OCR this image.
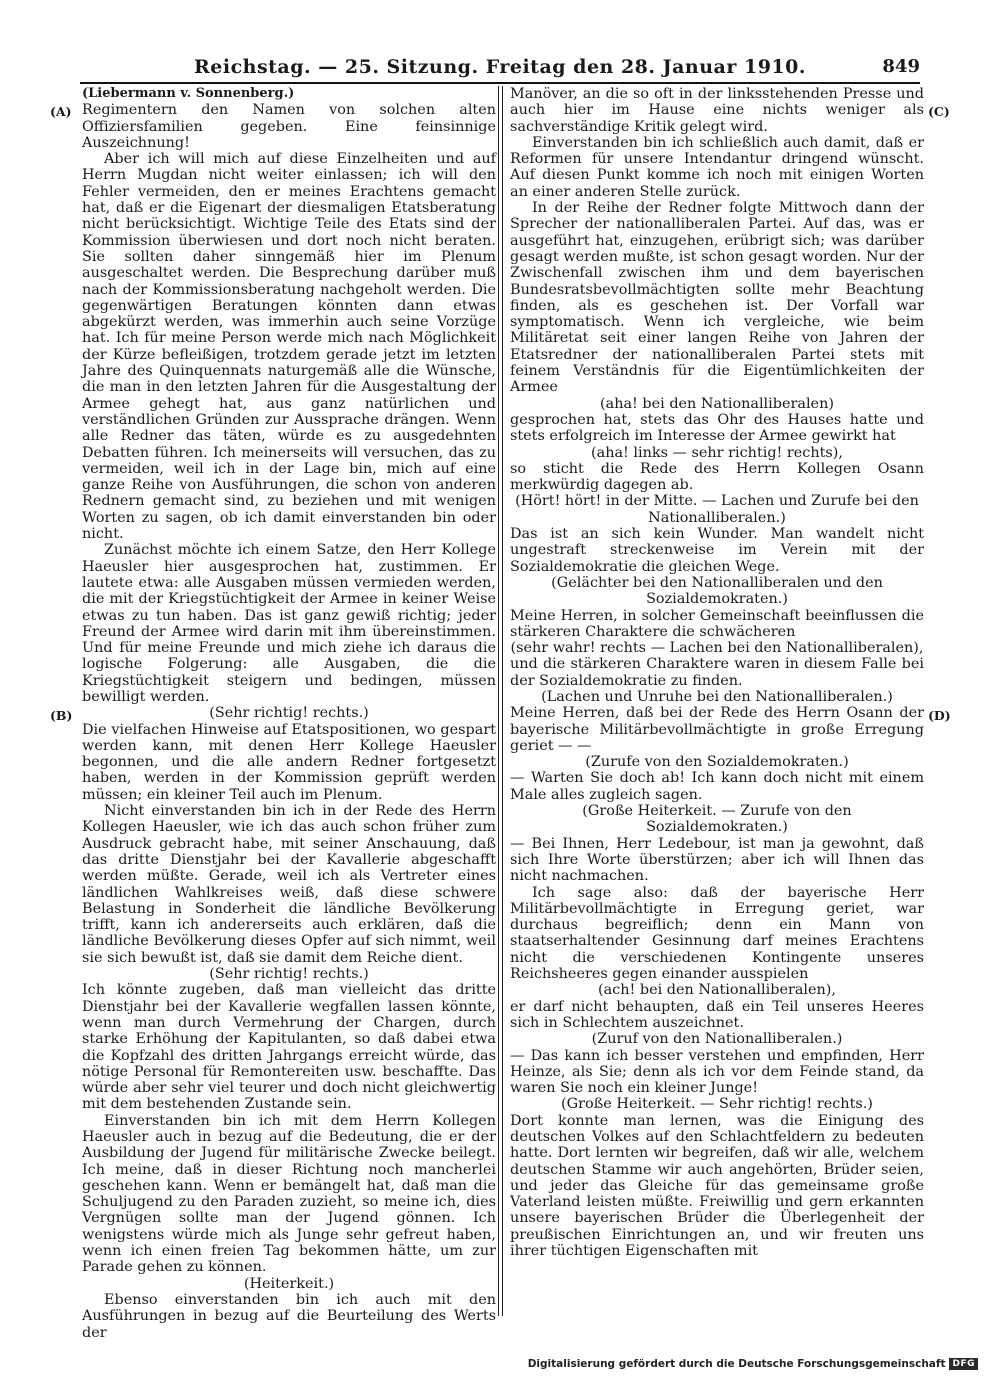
Reichstag. — 25. Sitzung. Freitag den 28. Januar 1910.	849
(A)
(B)
(C)
(D)

(Liebermann v. Sonnenberg.)

Regimentern den Namen von solchen alten Offiziersfamilien gegeben. Eine feinsinnige Auszeichnung!

Aber ich will mich auf diese Einzelheiten und auf Herrn Mugdan nicht weiter einlassen; ich will den Fehler vermeiden, den er meines Erachtens gemacht hat, daß er die Eigenart der diesmaligen Etatsberatung nicht berücksichtigt. Wichtige Teile des Etats sind der Kommission überwiesen und dort noch nicht beraten. Sie sollten daher sinngemäß hier im Plenum ausgeschaltet werden. Die Besprechung darüber muß nach der Kommissionsberatung nachgeholt werden. Die gegenwärtigen Beratungen könnten dann etwas abgekürzt werden, was immerhin auch seine Vorzüge hat. Ich für meine Person werde mich nach Möglichkeit der Kürze befleißigen, trotzdem gerade jetzt im letzten Jahre des Quinquennats naturgemäß alle die Wünsche, die man in den letzten Jahren für die Ausgestaltung der Armee gehegt hat, aus ganz natürlichen und verständlichen Gründen zur Aussprache drängen. Wenn alle Redner das täten, würde es zu ausgedehnten Debatten führen. Ich meinerseits will versuchen, das zu vermeiden, weil ich in der Lage bin, mich auf eine ganze Reihe von Ausführungen, die schon von anderen Rednern gemacht sind, zu beziehen und mit wenigen Worten zu sagen, ob ich damit einverstanden bin oder nicht.

Zunächst möchte ich einem Satze, den Herr Kollege Haeusler hier ausgesprochen hat, zustimmen. Er lautete etwa: alle Ausgaben müssen vermieden werden, die mit der Kriegstüchtigkeit der Armee in keiner Weise etwas zu tun haben. Das ist ganz gewiß richtig; jeder Freund der Armee wird darin mit ihm übereinstimmen. Und für meine Freunde und mich ziehe ich daraus die logische Folgerung: alle Ausgaben, die die Kriegstüchtigkeit steigern und bedingen, müssen bewilligt werden.

(Sehr richtig! rechts.)

Die vielfachen Hinweise auf Etatspositionen, wo gespart werden kann, mit denen Herr Kollege Haeusler begonnen, und die alle andern Redner fortgesetzt haben, werden in der Kommission geprüft werden müssen; ein kleiner Teil auch im Plenum.

Nicht einverstanden bin ich in der Rede des Herrn Kollegen Haeusler, wie ich das auch schon früher zum Ausdruck gebracht habe, mit seiner Anschauung, daß das dritte Dienstjahr bei der Kavallerie abgeschafft werden müßte. Gerade, weil ich als Vertreter eines ländlichen Wahlkreises weiß, daß diese schwere Belastung in Sonderheit die ländliche Bevölkerung trifft, kann ich andererseits auch erklären, daß die ländliche Bevölkerung dieses Opfer auf sich nimmt, weil sie sich bewußt ist, daß sie damit dem Reiche dient.

(Sehr richtig! rechts.)

Ich könnte zugeben, daß man vielleicht das dritte Dienstjahr bei der Kavallerie wegfallen lassen könnte, wenn man durch Vermehrung der Chargen, durch starke Erhöhung der Kapitulanten, so daß dabei etwa die Kopfzahl des dritten Jahrgangs erreicht würde, das nötige Personal für Remontereiten usw. beschaffte. Das würde aber sehr viel teurer und doch nicht gleichwertig mit dem bestehenden Zustande sein.

Einverstanden bin ich mit dem Herrn Kollegen Haeusler auch in bezug auf die Bedeutung, die er der Ausbildung der Jugend für militärische Zwecke beilegt. Ich meine, daß in dieser Richtung noch mancherlei geschehen kann. Wenn er bemängelt hat, daß man die Schuljugend zu den Paraden zuzieht, so meine ich, dies Vergnügen sollte man der Jugend gönnen. Ich wenigstens würde mich als Junge sehr gefreut haben, wenn ich einen freien Tag bekommen hätte, um zur Parade gehen zu können.

(Heiterkeit.)

Ebenso einverstanden bin ich auch mit den Ausführungen in bezug auf die Beurteilung des Werts der

Manöver, an die so oft in der linksstehenden Presse und auch hier im Hause eine nichts weniger als sachverständige Kritik gelegt wird.

Einverstanden bin ich schließlich auch damit, daß er Reformen für unsere Intendantur dringend wünscht. Auf diesen Punkt komme ich noch mit einigen Worten an einer anderen Stelle zurück.

In der Reihe der Redner folgte Mittwoch dann der Sprecher der nationalliberalen Partei. Auf das, was er ausgeführt hat, einzugehen, erübrigt sich; was darüber gesagt werden mußte, ist schon gesagt worden. Nur der Zwischenfall zwischen ihm und dem bayerischen Bundesratsbevollmächtigten sollte mehr Beachtung finden, als es geschehen ist. Der Vorfall war symptomatisch. Wenn ich vergleiche, wie beim Militäretat seit einer langen Reihe von Jahren der Etatsredner der nationalliberalen Partei stets mit feinem Verständnis für die Eigentümlichkeiten der Armee

(aha! bei den Nationalliberalen)

gesprochen hat, stets das Ohr des Hauses hatte und stets erfolgreich im Interesse der Armee gewirkt hat

(aha! links — sehr richtig! rechts),

so sticht die Rede des Herrn Kollegen Osann merkwürdig dagegen ab.

(Hört! hört! in der Mitte. — Lachen und Zurufe bei den Nationalliberalen.)

Das ist an sich kein Wunder. Man wandelt nicht ungestraft streckenweise im Verein mit der Sozialdemokratie die gleichen Wege.

(Gelächter bei den Nationalliberalen und den Sozialdemokraten.)

Meine Herren, in solcher Gemeinschaft beeinflussen die stärkeren Charaktere die schwächeren

(sehr wahr! rechts — Lachen bei den Nationalliberalen),

und die stärkeren Charaktere waren in diesem Falle bei der Sozialdemokratie zu finden.

(Lachen und Unruhe bei den Nationalliberalen.)

Meine Herren, daß bei der Rede des Herrn Osann der bayerische Militärbevollmächtigte in große Erregung geriet — —

(Zurufe von den Sozialdemokraten.)

— Warten Sie doch ab! Ich kann doch nicht mit einem Male alles zugleich sagen.

(Große Heiterkeit. — Zurufe von den Sozialdemokraten.)

— Bei Ihnen, Herr Ledebour, ist man ja gewohnt, daß sich Ihre Worte überstürzen; aber ich will Ihnen das nicht nachmachen.

Ich sage also: daß der bayerische Herr Militärbevollmächtigte in Erregung geriet, war durchaus begreiflich; denn ein Mann von staatserhaltender Gesinnung darf meines Erachtens nicht die verschiedenen Kontingente unseres Reichsheeres gegen einander ausspielen

(ach! bei den Nationalliberalen),

er darf nicht behaupten, daß ein Teil unseres Heeres sich in Schlechtem auszeichnet.

(Zuruf von den Nationalliberalen.)

— Das kann ich besser verstehen und empfinden, Herr Heinze, als Sie; denn als ich vor dem Feinde stand, da waren Sie noch ein kleiner Junge!

(Große Heiterkeit. — Sehr richtig! rechts.)

Dort konnte man lernen, was die Einigung des deutschen Volkes auf den Schlachtfeldern zu bedeuten hatte. Dort lernten wir begreifen, daß wir alle, welchem deutschen Stamme wir auch angehörten, Brüder seien, und jeder das Gleiche für das gemeinsame große Vaterland leisten müßte. Freiwillig und gern erkannten unsere bayerischen Brüder die Überlegenheit der preußischen Einrichtungen an, und wir freuten uns ihrer tüchtigen Eigenschaften mit

Digitalisierung gefördert durch die Deutsche Forschungsgemeinschaft DFG
